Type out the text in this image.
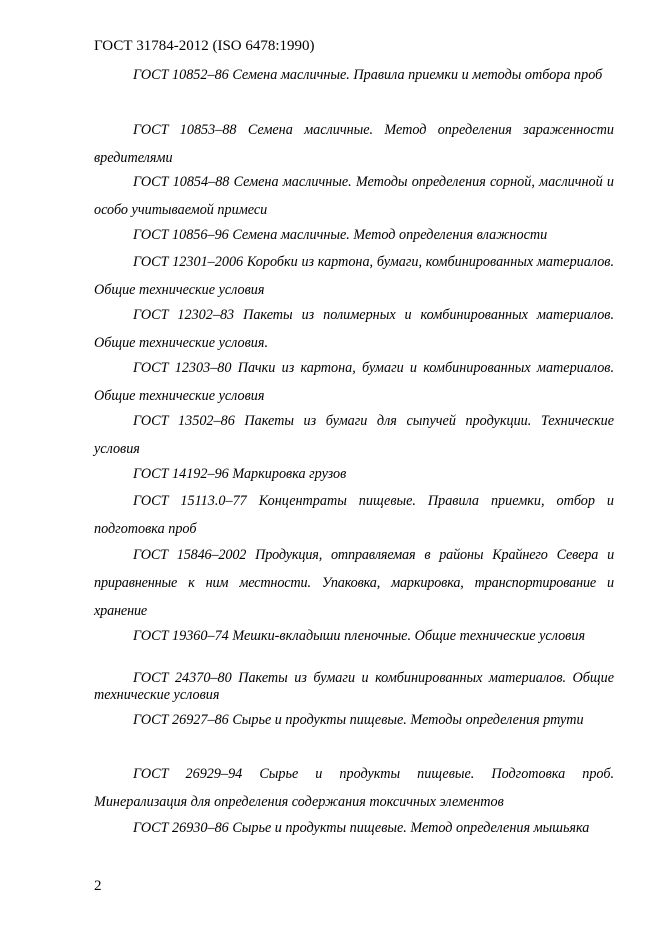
ГОСТ 31784-2012 (ISO 6478:1990)

ГОСТ 10852–86 Семена масличные. Правила приемки и методы отбора проб

ГОСТ 10853–88 Семена масличные. Метод определения зараженности вредителями

ГОСТ 10854–88 Семена масличные. Методы определения сорной, масличной и особо учитываемой примеси

ГОСТ 10856–96 Семена масличные. Метод определения влажности

ГОСТ 12301–2006 Коробки из картона, бумаги, комбинированных материалов. Общие технические условия

ГОСТ 12302–83 Пакеты из полимерных и комбинированных материалов. Общие технические условия.

ГОСТ 12303–80 Пачки из картона, бумаги и комбинированных материалов. Общие технические условия

ГОСТ 13502–86 Пакеты из бумаги для сыпучей продукции. Технические условия

ГОСТ 14192–96 Маркировка грузов

ГОСТ 15113.0–77 Концентраты пищевые. Правила приемки, отбор и подготовка проб

ГОСТ 15846–2002 Продукция, отправляемая в районы Крайнего Севера и приравненные к ним местности. Упаковка, маркировка, транспортирование и хранение

ГОСТ 19360–74 Мешки-вкладыши пленочные. Общие технические условия

ГОСТ 24370–80 Пакеты из бумаги и комбинированных материалов. Общие технические условия

ГОСТ 26927–86 Сырье и продукты пищевые. Методы определения ртути

ГОСТ 26929–94 Сырье и продукты пищевые. Подготовка проб. Минерализация для определения содержания токсичных элементов

ГОСТ 26930–86 Сырье и продукты пищевые. Метод определения мышьяка

2
